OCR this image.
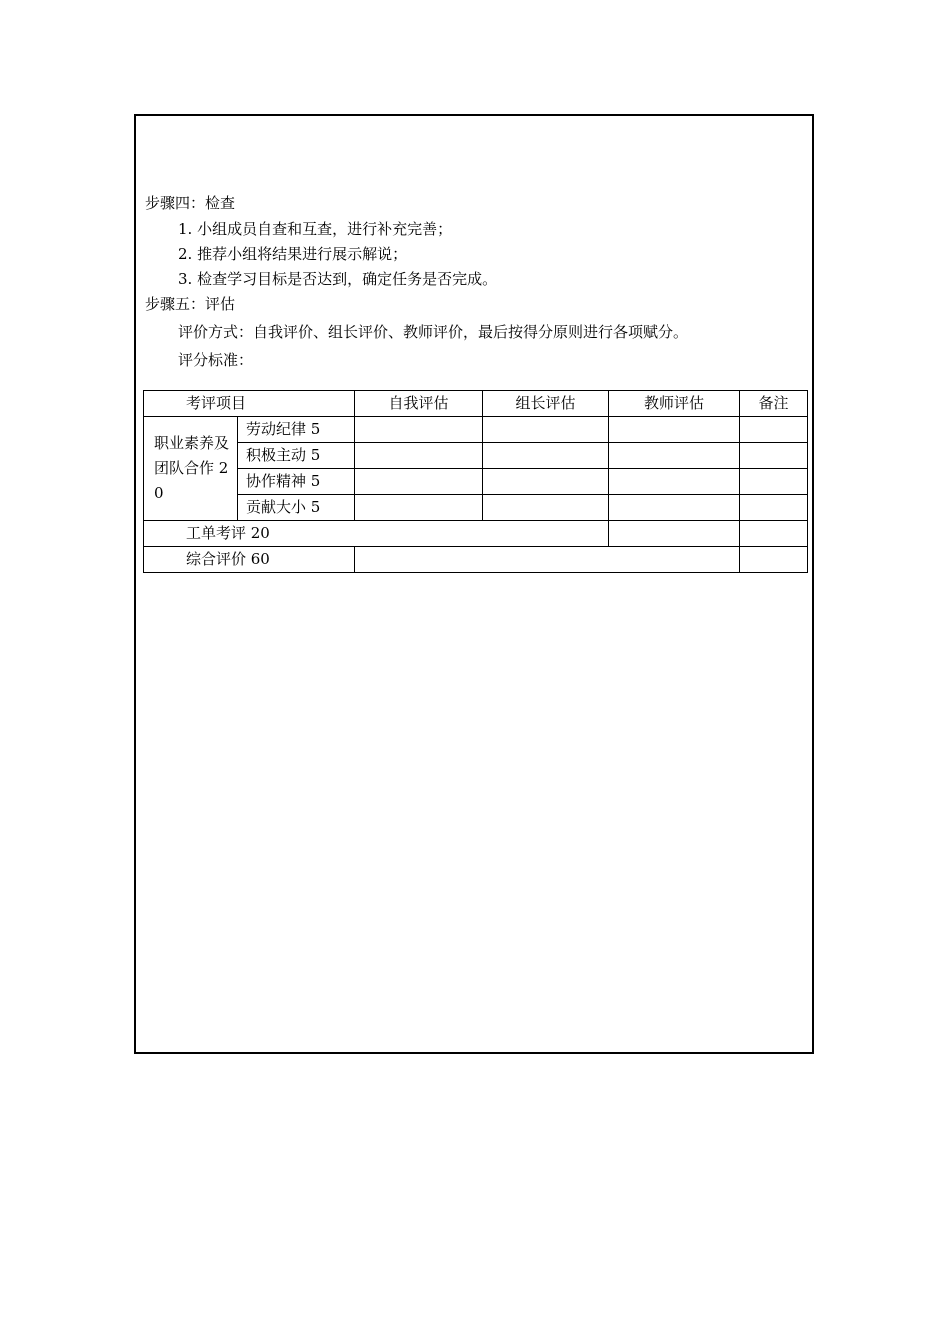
步骤四：检查
1. 小组成员自查和互查，进行补充完善；
2. 推荐小组将结果进行展示解说；
3. 检查学习目标是否达到，确定任务是否完成。
步骤五：评估
评价方式：自我评价、组长评价、教师评价，最后按得分原则进行各项赋分。
评分标准：
考评项目		自我评估	组长评估	教师评估	备注
职业素养及团队合作 20	劳动纪律 5				
	积极主动 5				
	协作精神 5				
	贡献大小 5				
工单考评 20					
综合评价 60					
